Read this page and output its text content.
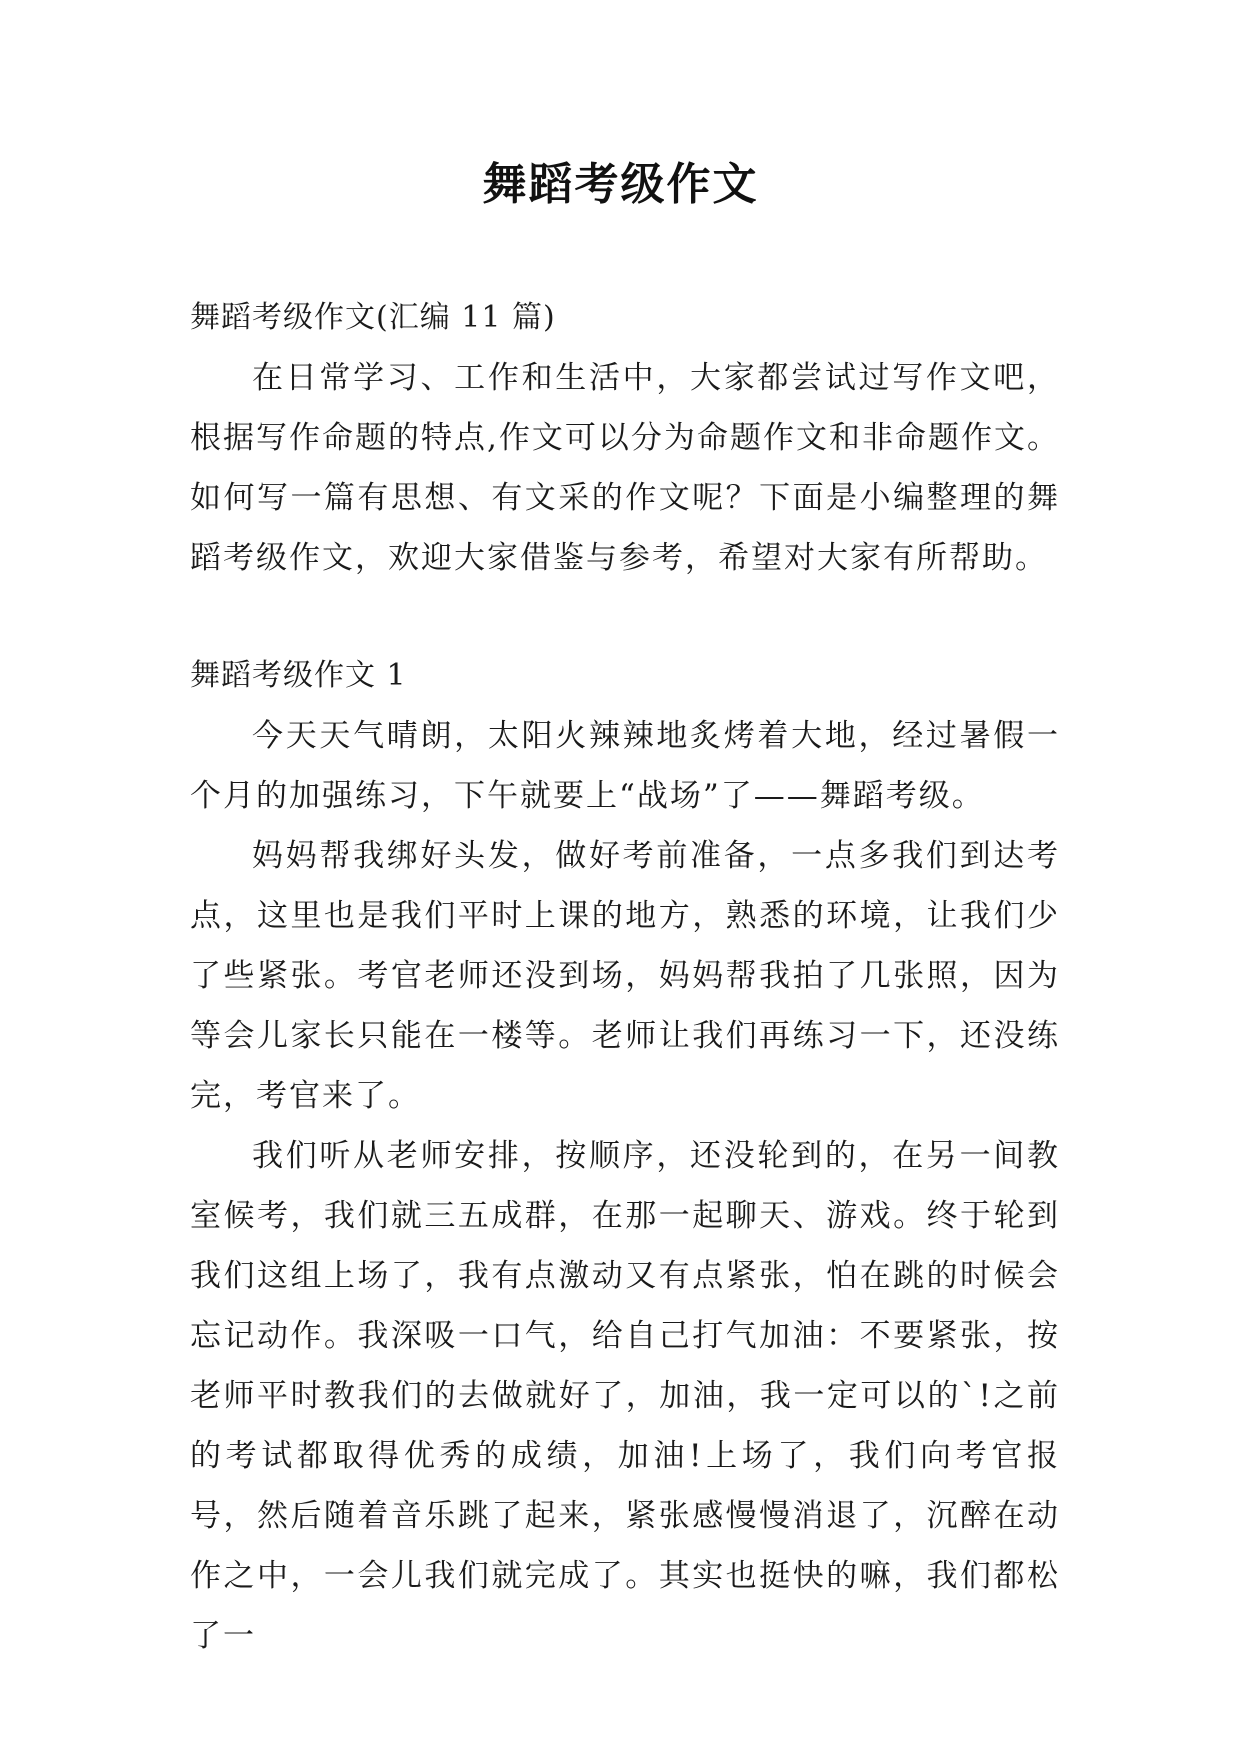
舞蹈考级作文

舞蹈考级作文(汇编 11 篇)

在日常学习、工作和生活中，大家都尝试过写作文吧，根据写作命题的特点,作文可以分为命题作文和非命题作文。如何写一篇有思想、有文采的作文呢？下面是小编整理的舞蹈考级作文，欢迎大家借鉴与参考，希望对大家有所帮助。

舞蹈考级作文 1

今天天气晴朗，太阳火辣辣地炙烤着大地，经过暑假一个月的加强练习，下午就要上“战场”了——舞蹈考级。

妈妈帮我绑好头发，做好考前准备，一点多我们到达考点，这里也是我们平时上课的地方，熟悉的环境，让我们少了些紧张。考官老师还没到场，妈妈帮我拍了几张照，因为等会儿家长只能在一楼等。老师让我们再练习一下，还没练完，考官来了。

我们听从老师安排，按顺序，还没轮到的，在另一间教室候考，我们就三五成群，在那一起聊天、游戏。终于轮到我们这组上场了，我有点激动又有点紧张，怕在跳的时候会忘记动作。我深吸一口气，给自己打气加油：不要紧张，按老师平时教我们的去做就好了，加油，我一定可以的`!之前的考试都取得优秀的成绩，加油!上场了，我们向考官报号，然后随着音乐跳了起来，紧张感慢慢消退了，沉醉在动作之中，一会儿我们就完成了。其实也挺快的嘛，我们都松了一
